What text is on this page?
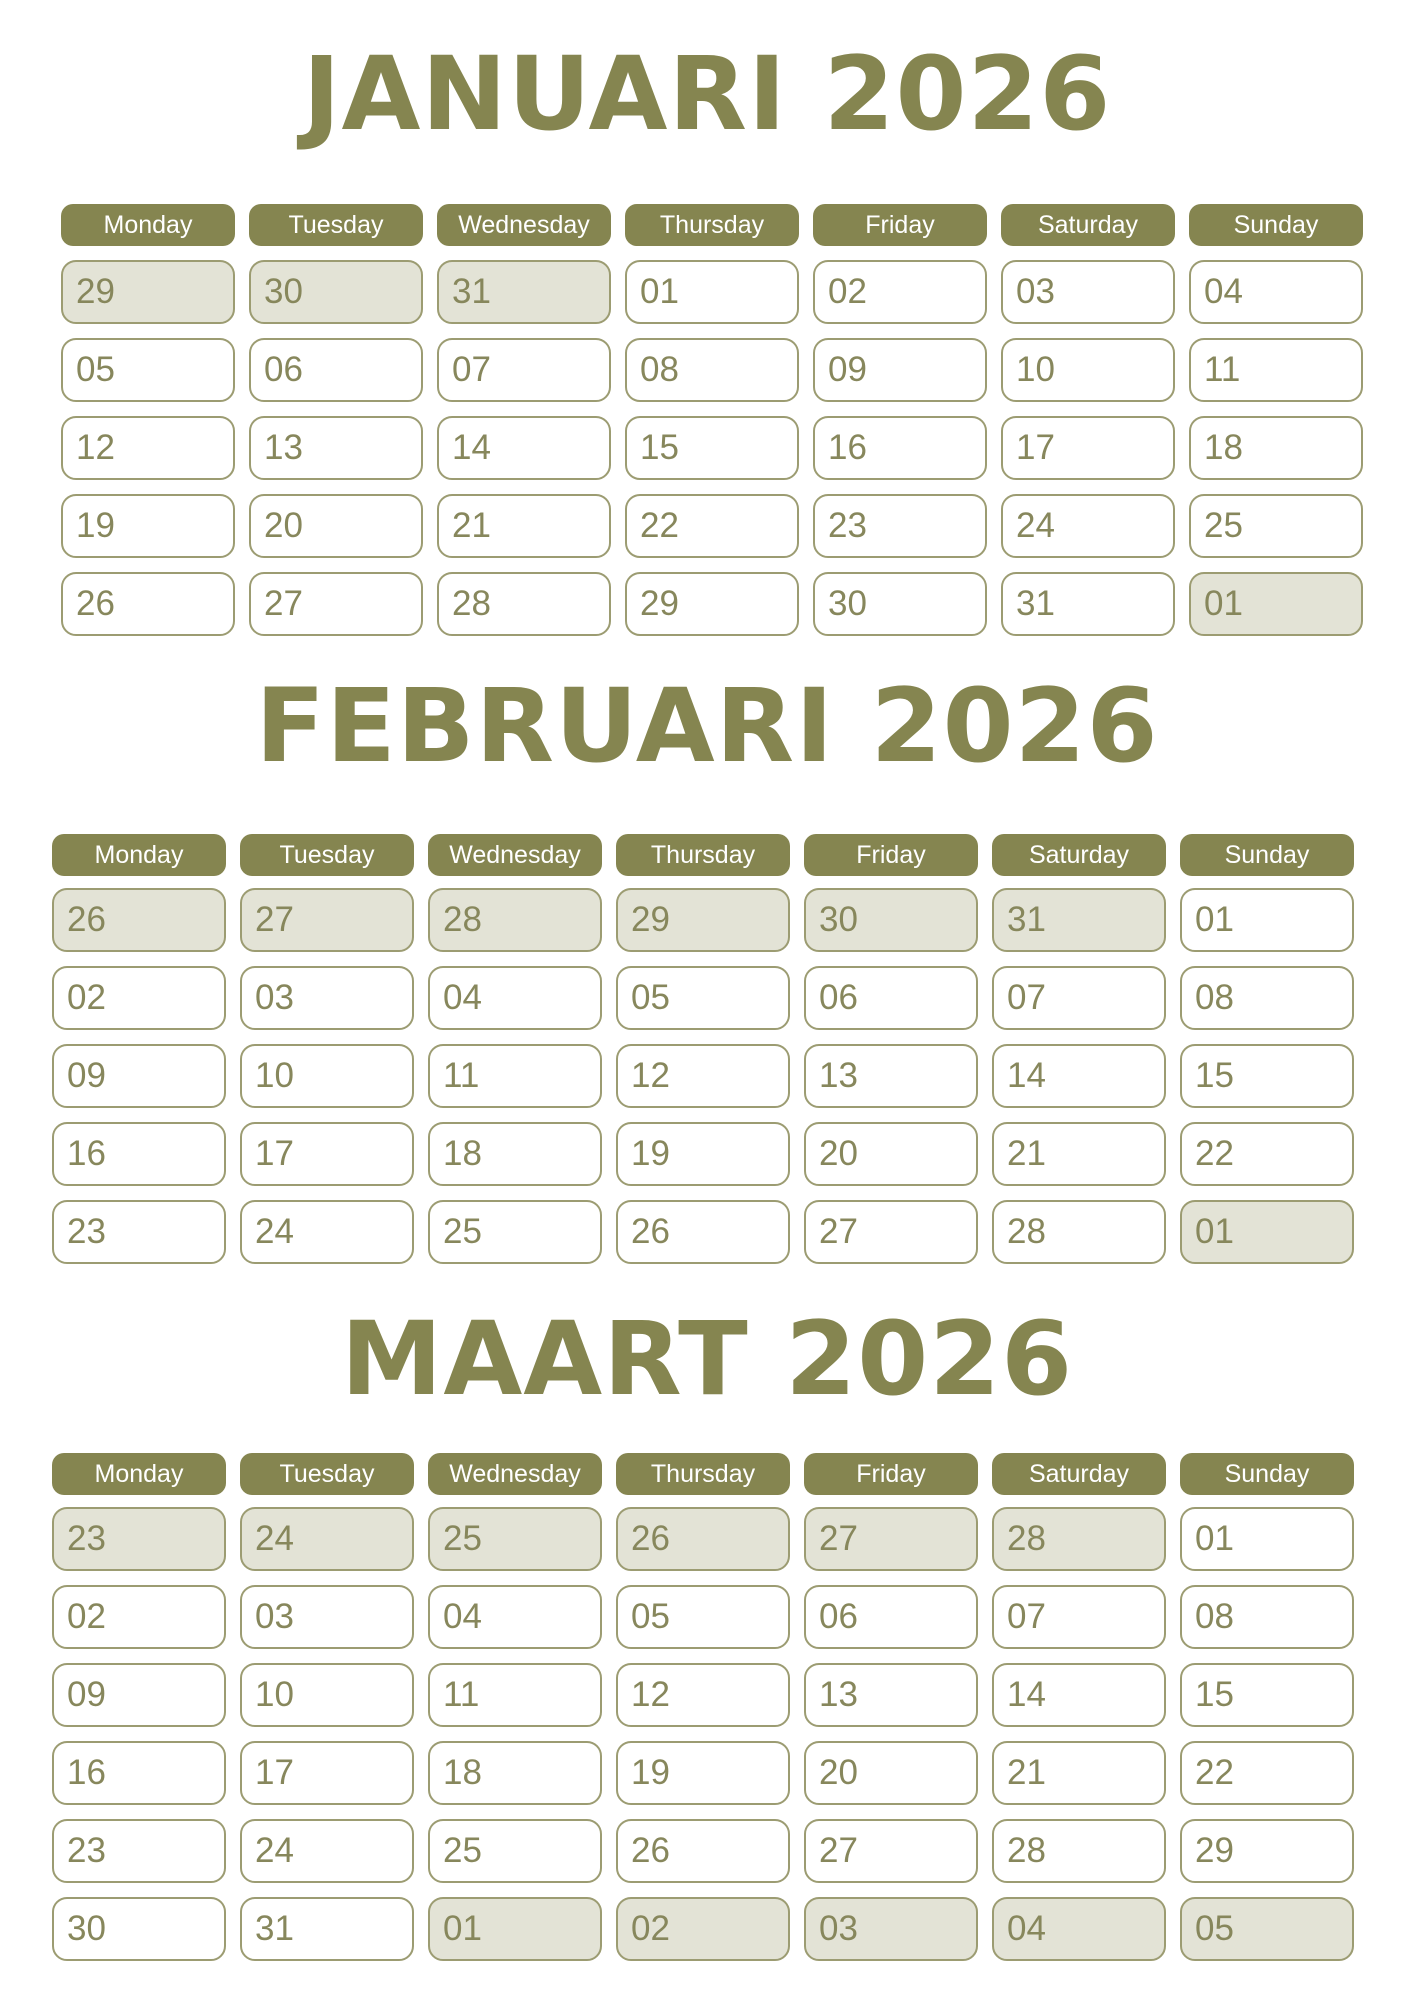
JANUARI 2026
Monday	Tuesday	Wednesday	Thursday	Friday	Saturday	Sunday
29	30	31	01	02	03	04
05	06	07	08	09	10	11
12	13	14	15	16	17	18
19	20	21	22	23	24	25
26	27	28	29	30	31	01
FEBRUARI 2026
Monday	Tuesday	Wednesday	Thursday	Friday	Saturday	Sunday
26	27	28	29	30	31	01
02	03	04	05	06	07	08
09	10	11	12	13	14	15
16	17	18	19	20	21	22
23	24	25	26	27	28	01
MAART 2026
Monday	Tuesday	Wednesday	Thursday	Friday	Saturday	Sunday
23	24	25	26	27	28	01
02	03	04	05	06	07	08
09	10	11	12	13	14	15
16	17	18	19	20	21	22
23	24	25	26	27	28	29
30	31	01	02	03	04	05
